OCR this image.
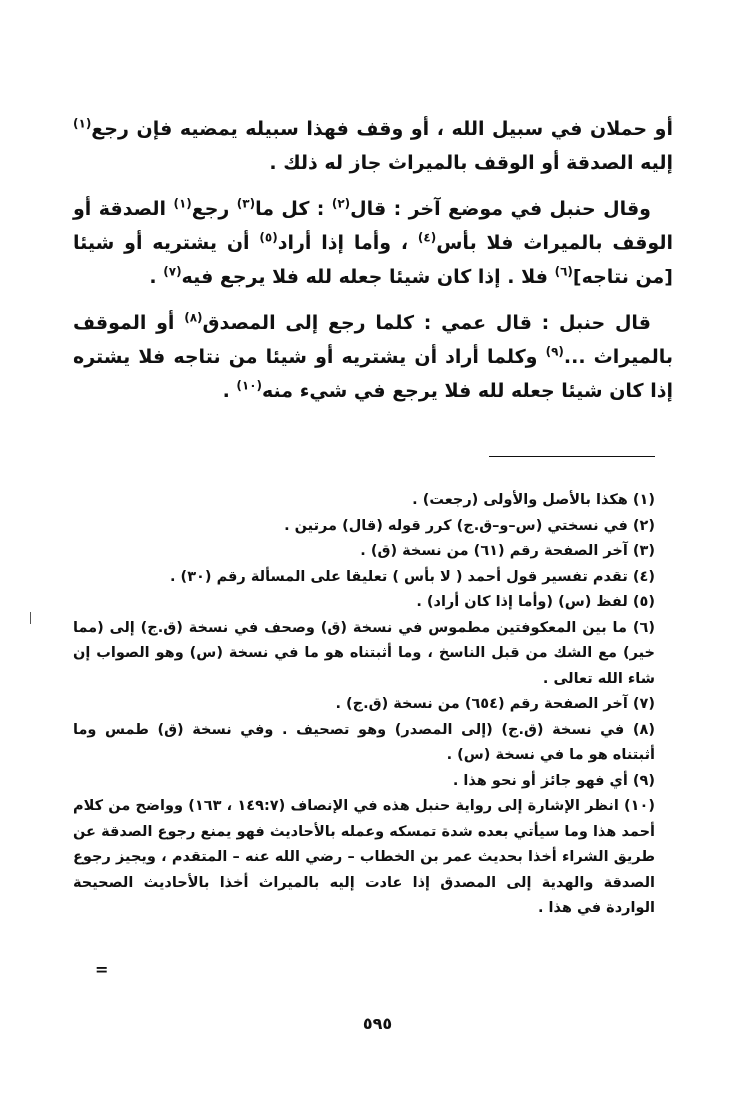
أو حملان في سبيل الله ، أو وقف فهذا سبيله يمضيه فإن رجع$^{(١)}$ إليه الصدقة أو الوقف بالميراث جاز له ذلك .

وقال حنبل في موضع آخر : قال$^{(٢)}$ : كل ما$^{(٣)}$ رجع$^{(١)}$ الصدقة أو الوقف بالميراث فلا بأس$^{(٤)}$ ، وأما إذا أراد$^{(٥)}$ أن يشتريه أو شيئا [من نتاجه]$^{(٦)}$ فلا . إذا كان شيئا جعله لله فلا يرجع فيه$^{(٧)}$ .

قال حنبل : قال عمي : كلما رجع إلى المصدق$^{(٨)}$ أو الموقف بالميراث ...$^{(٩)}$ وكلما أراد أن يشتريه أو شيئا من نتاجه فلا يشتره إذا كان شيئا جعله لله فلا يرجع في شيء منه$^{(١٠)}$ .

(١) هكذا بالأصل والأولى (رجعت) .

(٢) في نسختي (س–و–ق.ج) كرر قوله (قال) مرتين .

(٣) آخر الصفحة رقم (٦١) من نسخة (ق) .

(٤) تقدم تفسير قول أحمد ( لا بأس ) تعليقا على المسألة رقم (٣٠) .

(٥) لفظ (س) (وأما إذا كان أراد) .

(٦) ما بين المعكوفتين مطموس في نسخة (ق) وصحف في نسخة (ق.ج) إلى (مما خير) مع الشك من قبل الناسخ ، وما أثبتناه هو ما في نسخة (س) وهو الصواب إن شاء الله تعالى .

(٧) آخر الصفحة رقم (٦٥٤) من نسخة (ق.ج) .

(٨) في نسخة (ق.ج) (إلى المصدر) وهو تصحيف . وفي نسخة (ق) طمس وما أثبتناه هو ما في نسخة (س) .

(٩) أي فهو جائز أو نحو هذا .

(١٠) انظر الإشارة إلى رواية حنبل هذه في الإنصاف (١٤٩:٧ ، ١٦٣) وواضح من كلام أحمد هذا وما سيأتي بعده شدة تمسكه وعمله بالأحاديث فهو يمنع رجوع الصدقة عن طريق الشراء أخذا بحديث عمر بن الخطاب – رضي الله عنه – المتقدم ، ويجيز رجوع الصدقة والهدية إلى المصدق إذا عادت إليه بالميراث أخذا بالأحاديث الصحيحة الواردة في هذا .

=
٥٩٥
